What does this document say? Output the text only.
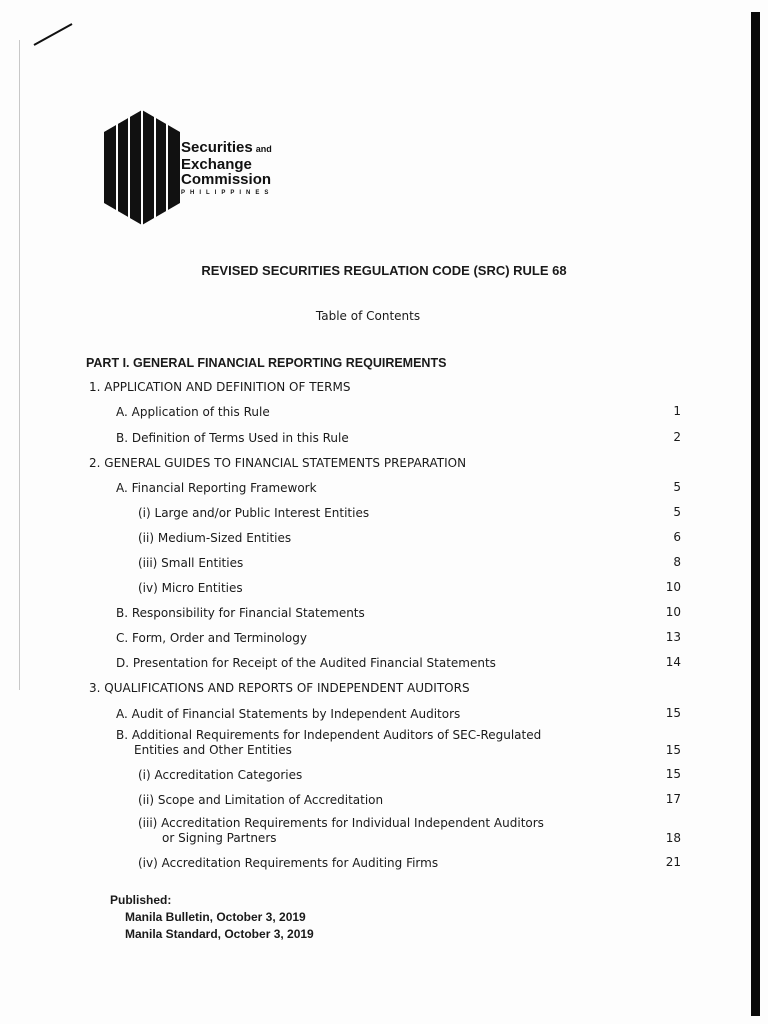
Securities and
Exchange
Commission
PHILIPPINES
REVISED SECURITIES REGULATION CODE (SRC) RULE 68
Table of Contents
PART I. GENERAL FINANCIAL REPORTING REQUIREMENTS
1. APPLICATION AND DEFINITION OF TERMS
A. Application of this Rule	1
B. Definition of Terms Used in this Rule	2
2. GENERAL GUIDES TO FINANCIAL STATEMENTS PREPARATION
A. Financial Reporting Framework	5
(i) Large and/or Public Interest Entities	5
(ii) Medium-Sized Entities	6
(iii) Small Entities	8
(iv) Micro Entities	10
B. Responsibility for Financial Statements	10
C. Form, Order and Terminology	13
D. Presentation for Receipt of the Audited Financial Statements	14
3. QUALIFICATIONS AND REPORTS OF INDEPENDENT AUDITORS
A. Audit of Financial Statements by Independent Auditors	15
B. Additional Requirements for Independent Auditors of SEC-Regulated
Entities and Other Entities	15
(i) Accreditation Categories	15
(ii) Scope and Limitation of Accreditation	17
(iii) Accreditation Requirements for Individual Independent Auditors
or Signing Partners	18
(iv) Accreditation Requirements for Auditing Firms	21
Published:
Manila Bulletin, October 3, 2019
Manila Standard, October 3, 2019
